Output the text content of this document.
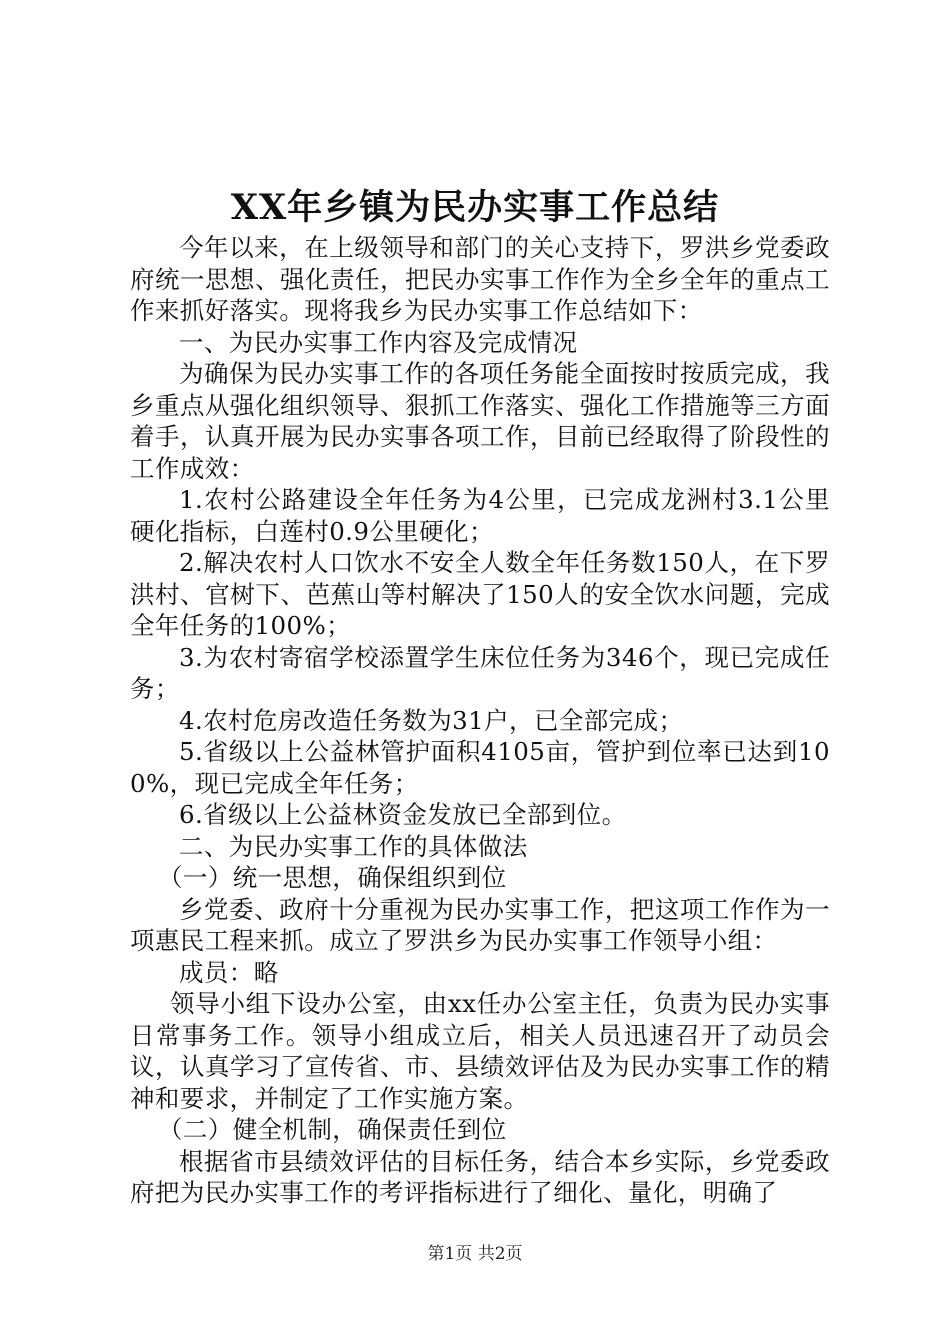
XX年乡镇为民办实事工作总结

今年以来，在上级领导和部门的关心支持下，罗洪乡党委政府统一思想、强化责任，把民办实事工作作为全乡全年的重点工作来抓好落实。现将我乡为民办实事工作总结如下：

一、为民办实事工作内容及完成情况

为确保为民办实事工作的各项任务能全面按时按质完成，我乡重点从强化组织领导、狠抓工作落实、强化工作措施等三方面着手，认真开展为民办实事各项工作，目前已经取得了阶段性的工作成效：

1.农村公路建设全年任务为4公里，已完成龙洲村3.1公里硬化指标，白莲村0.9公里硬化；

2.解决农村人口饮水不安全人数全年任务数150人，在下罗洪村、官树下、芭蕉山等村解决了150人的安全饮水问题，完成全年任务的100%；

3.为农村寄宿学校添置学生床位任务为346个，现已完成任务；

4.农村危房改造任务数为31户，已全部完成；

5.省级以上公益林管护面积4105亩，管护到位率已达到100%，现已完成全年任务；

6.省级以上公益林资金发放已全部到位。

二、为民办实事工作的具体做法

（一）统一思想，确保组织到位

乡党委、政府十分重视为民办实事工作，把这项工作作为一项惠民工程来抓。成立了罗洪乡为民办实事工作领导小组：

成员：略

领导小组下设办公室，由xx任办公室主任，负责为民办实事日常事务工作。领导小组成立后，相关人员迅速召开了动员会议，认真学习了宣传省、市、县绩效评估及为民办实事工作的精神和要求，并制定了工作实施方案。

（二）健全机制，确保责任到位

根据省市县绩效评估的目标任务，结合本乡实际，乡党委政府把为民办实事工作的考评指标进行了细化、量化，明确了

第1页 共2页
